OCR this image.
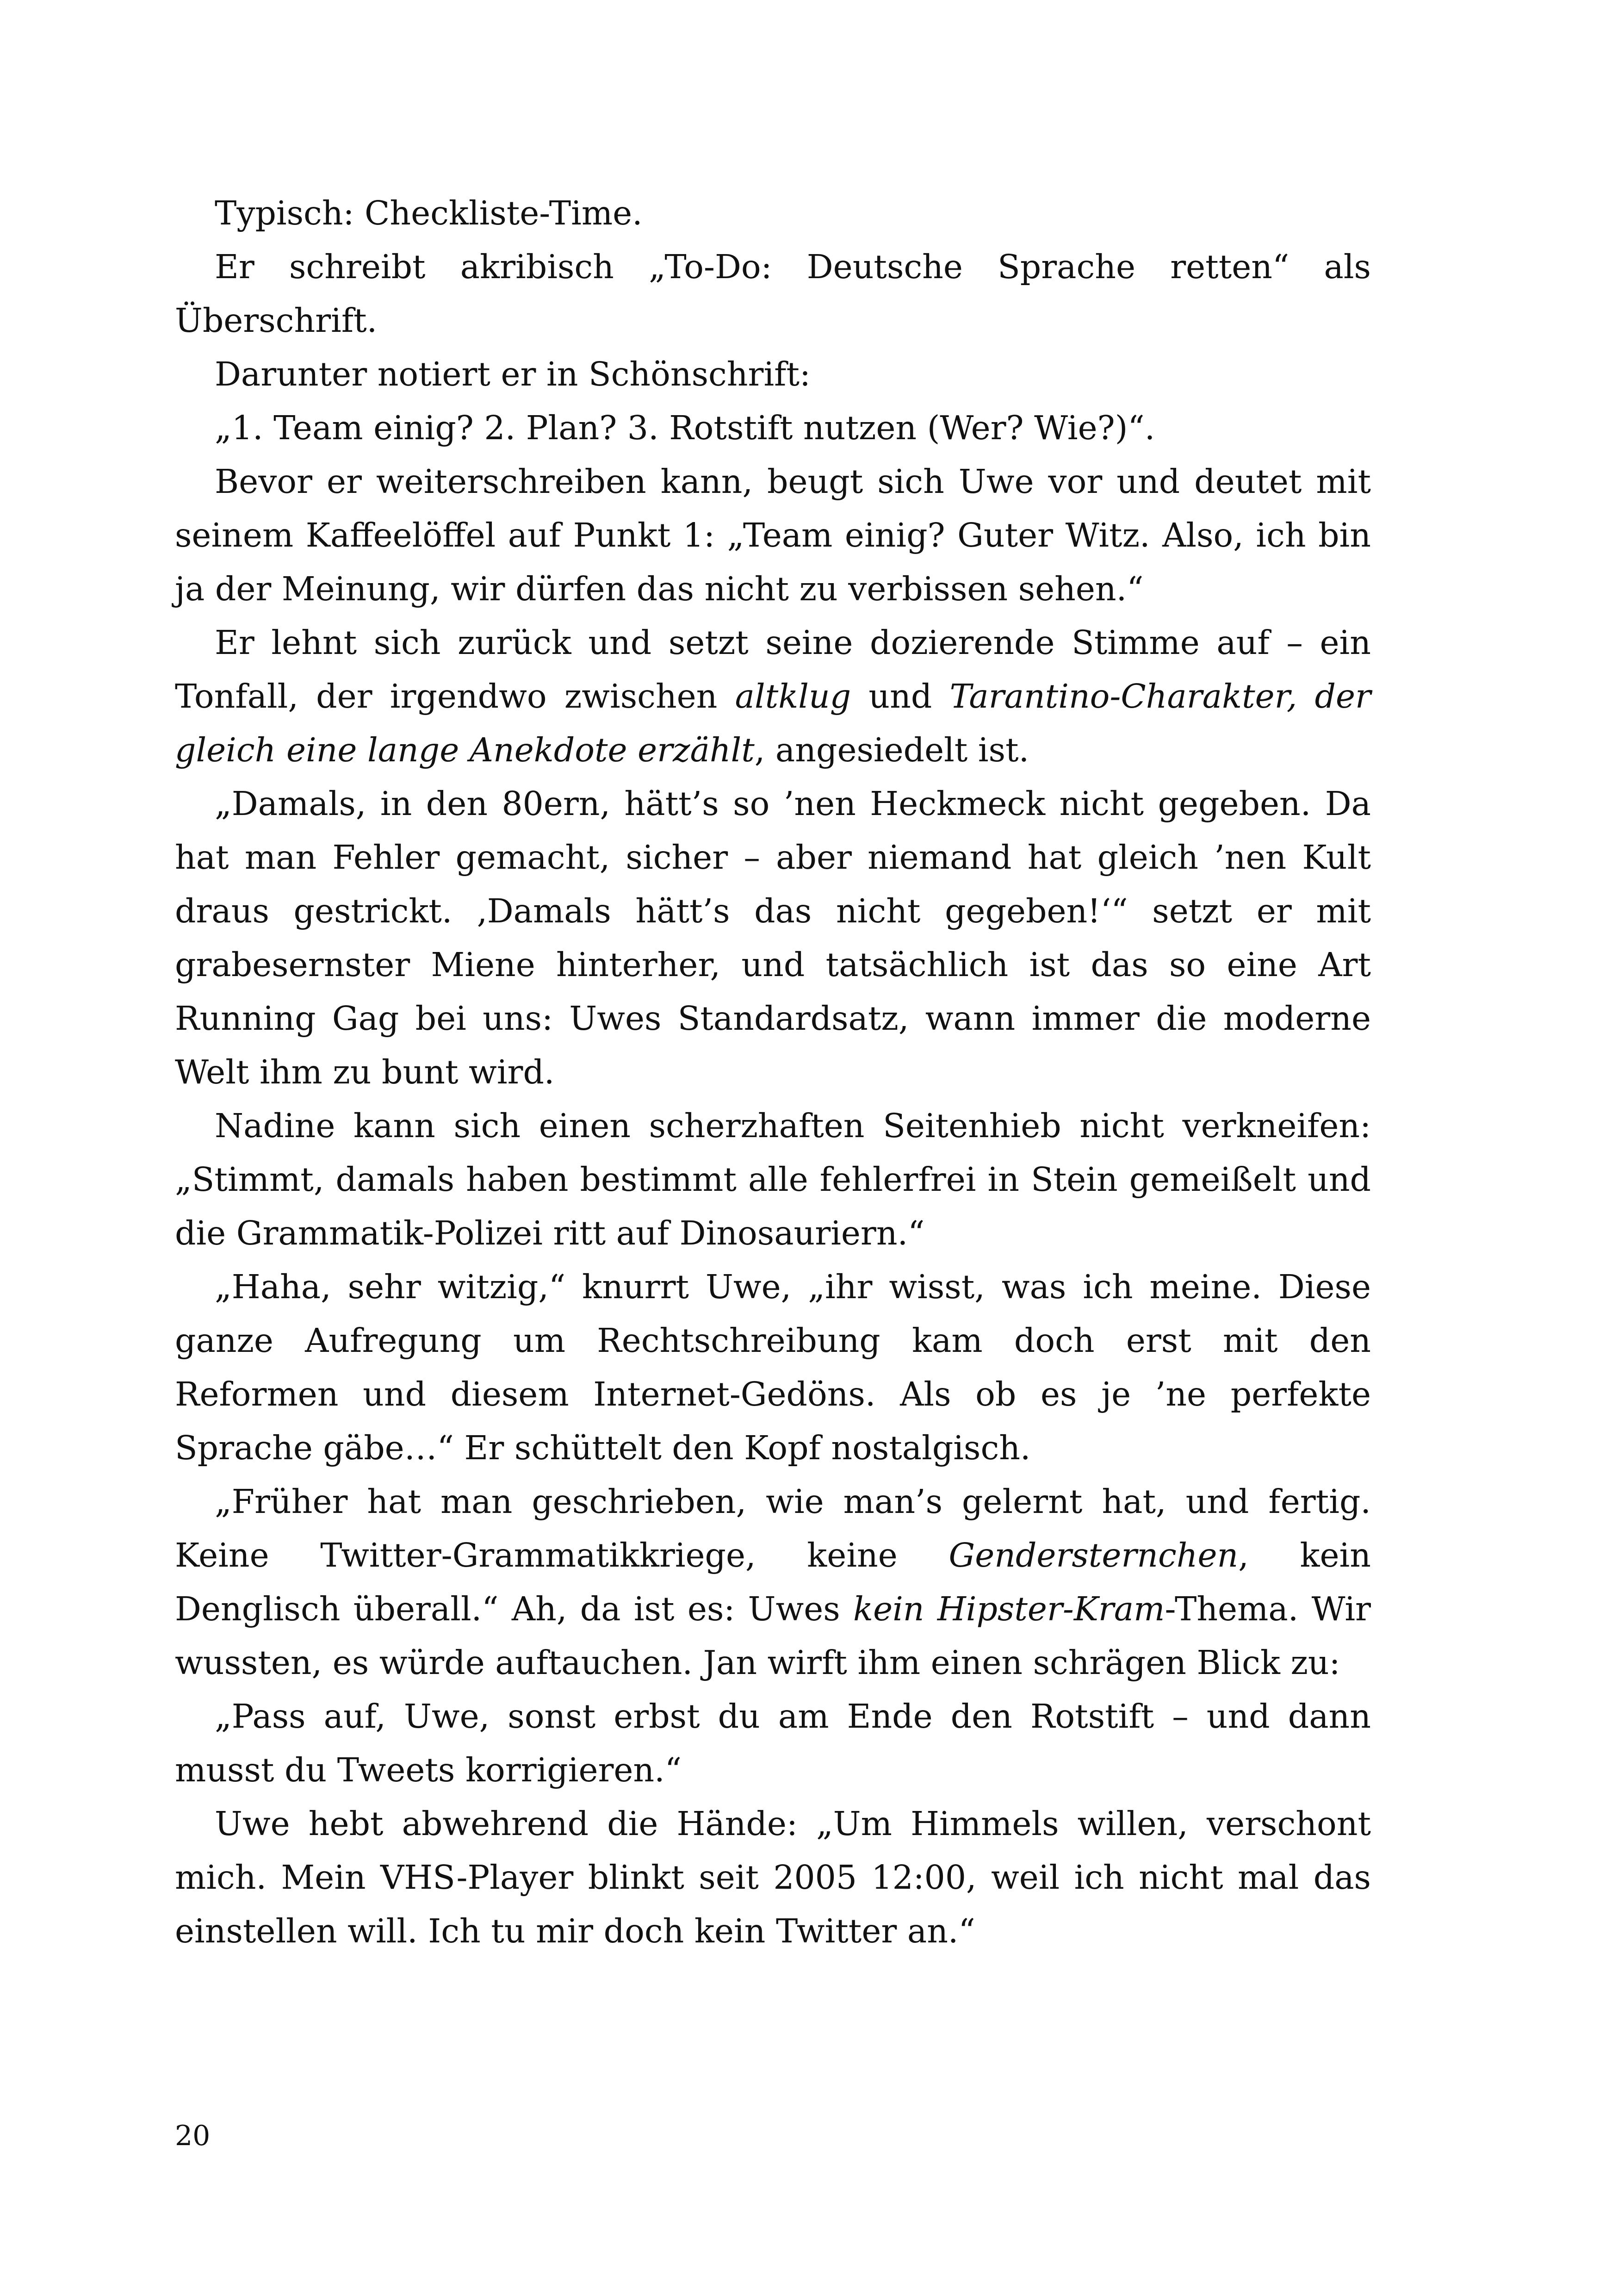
Typisch: Checkliste-Time.

Er schreibt akribisch „To-Do: Deutsche Sprache retten“ als Überschrift.

Darunter notiert er in Schönschrift:

„1. Team einig? 2. Plan? 3. Rotstift nutzen (Wer? Wie?)“.

Bevor er weiterschreiben kann, beugt sich Uwe vor und deutet mit seinem Kaffeelöffel auf Punkt 1: „Team einig? Guter Witz. Also, ich bin ja der Meinung, wir dürfen das nicht zu verbissen sehen.“

Er lehnt sich zurück und setzt seine dozierende Stimme auf – ein Tonfall, der irgendwo zwischen altklug und Tarantino-Charakter, der gleich eine lange Anekdote erzählt, angesiedelt ist.

„Damals, in den 80ern, hätt’s so ’nen Heckmeck nicht gegeben. Da hat man Fehler gemacht, sicher – aber niemand hat gleich ’nen Kult draus gestrickt. ‚Damals hätt’s das nicht gegeben!‘“ setzt er mit grabesernster Miene hinterher, und tatsächlich ist das so eine Art Running Gag bei uns: Uwes Standardsatz, wann immer die moderne Welt ihm zu bunt wird.

Nadine kann sich einen scherzhaften Seitenhieb nicht verkneifen: „Stimmt, damals haben bestimmt alle fehlerfrei in Stein gemeißelt und die Grammatik-Polizei ritt auf Dinosauriern.“

„Haha, sehr witzig,“ knurrt Uwe, „ihr wisst, was ich meine. Diese ganze Aufregung um Rechtschreibung kam doch erst mit den Reformen und diesem Internet-Gedöns. Als ob es je ’ne perfekte Sprache gäbe…“ Er schüttelt den Kopf nostalgisch.

„Früher hat man geschrieben, wie man’s gelernt hat, und fertig. Keine Twitter-Grammatikkriege, keine Gendersternchen, kein Denglisch überall.“ Ah, da ist es: Uwes kein Hipster-Kram-Thema. Wir wussten, es würde auftauchen. Jan wirft ihm einen schrägen Blick zu:

„Pass auf, Uwe, sonst erbst du am Ende den Rotstift – und dann musst du Tweets korrigieren.“

Uwe hebt abwehrend die Hände: „Um Himmels willen, verschont mich. Mein VHS-Player blinkt seit 2005 12:00, weil ich nicht mal das einstellen will. Ich tu mir doch kein Twitter an.“

20
